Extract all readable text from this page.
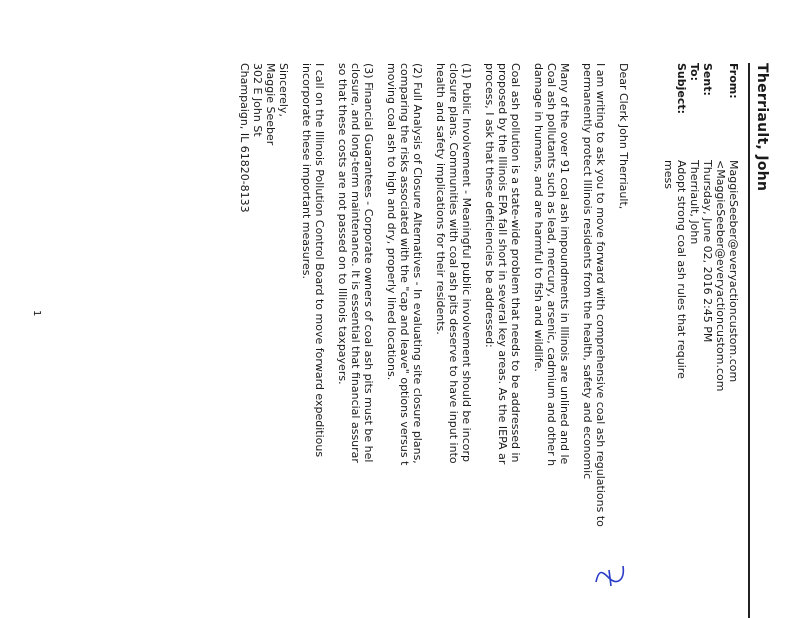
Therriault, John
From:
MaggieSeeber@everyactioncustom.com
<MaggieSeeber@everyactioncustom.com
Sent:
Thursday, June 02, 2016 2:45 PM
To:
Therriault, John
Subject:
Adopt strong coal ash rules that require
mess

Dear Clerk John Therriault,

I am writing to ask you to move forward with comprehensive coal ash regulations to
permanently protect Illinois residents from the health, safety and economic

Many of the over 91 coal ash impoundments in Illinois are unlined and le
Coal ash pollutants such as lead, mercury, arsenic, cadmium and other h
damage in humans, and are harmful to fish and wildlife.

Coal ash pollution is a state-wide problem that needs to be addressed in
proposed by the Illinois EPA fall short in several key areas. As the IEPA ar
process, I ask that these deficiencies be addressed:

(1) Public Involvement - Meaningful public involvement should be incorp
closure plans. Communities with coal ash pits deserve to have input into
health and safety implications for their residents.

(2) Full Analysis of Closure Alternatives - In evaluating site closure plans,
comparing the risks associated with the "cap and leave" options versus t
moving coal ash to high and dry, properly lined locations.

(3) Financial Guarantees - Corporate owners of coal ash pits must be hel
closure, and long-term maintenance. It is essential that financial assurar
so that these costs are not passed on to Illinois taxpayers.

I call on the Illinois Pollution Control Board to move forward expeditious
incorporate these important measures.

Sincerely,
Maggie Seeber
302 E John St
Champaign, IL 61820-8133
1
